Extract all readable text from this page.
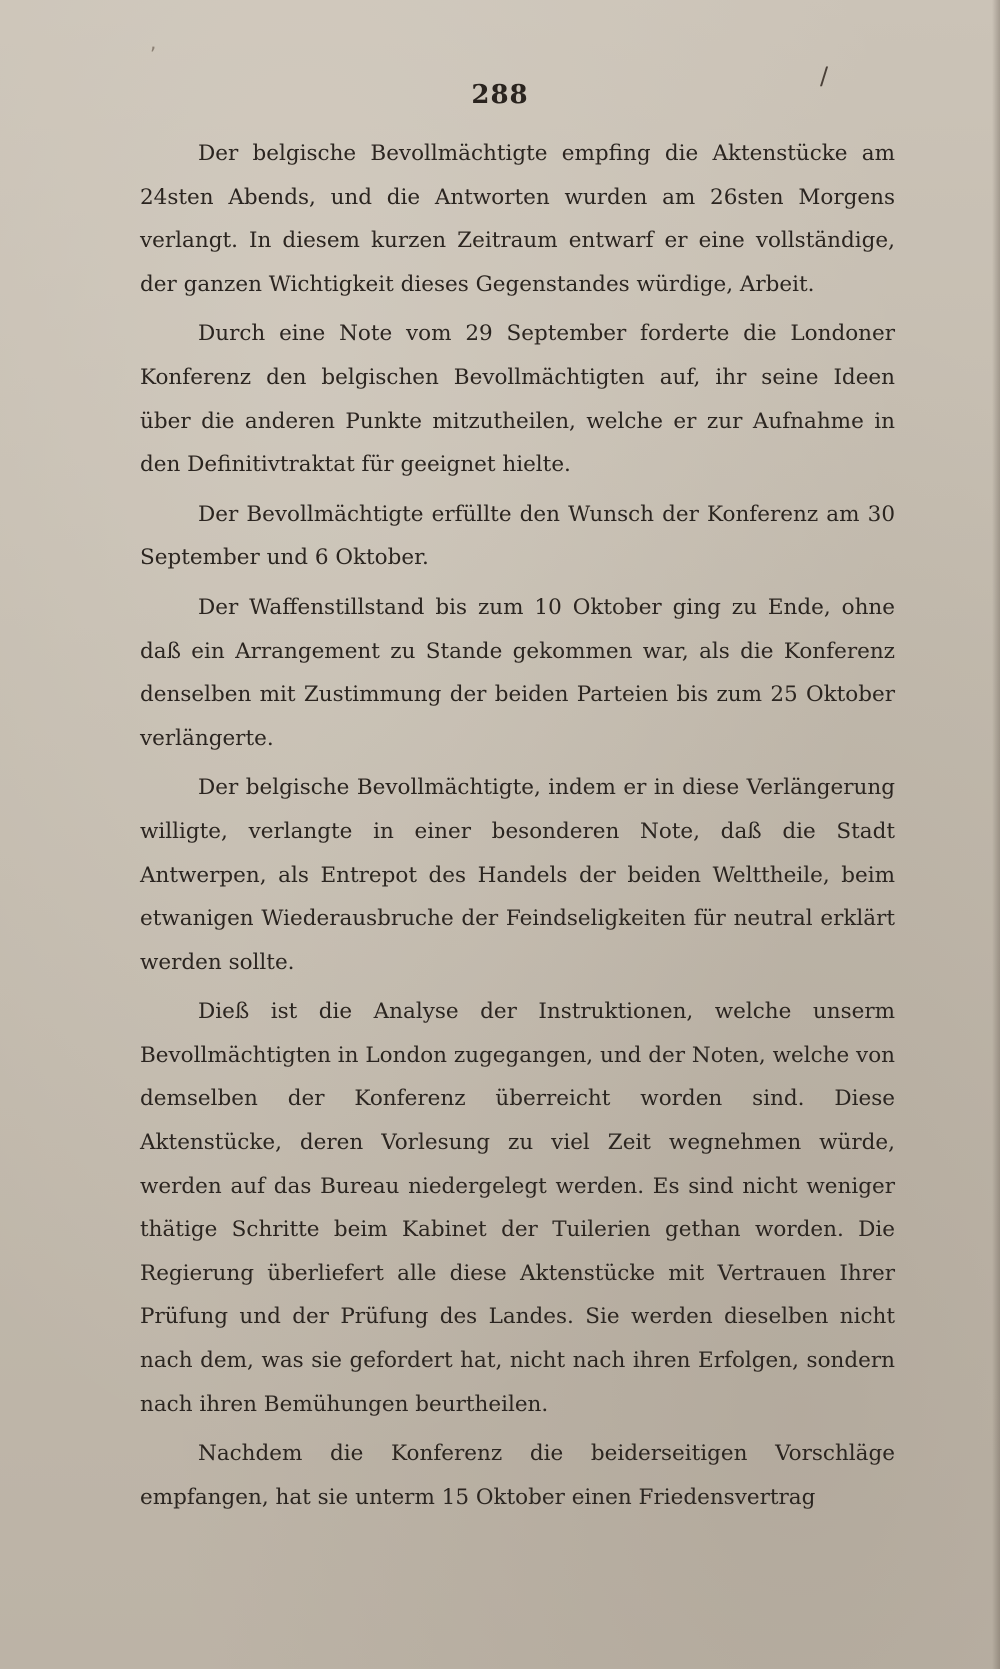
/
,
288

Der belgische Bevollmächtigte empfing die Aktenstücke am 24sten Abends, und die Antworten wurden am 26sten Morgens verlangt. In diesem kurzen Zeitraum entwarf er eine vollständige, der ganzen Wichtigkeit dieses Gegenstandes würdige, Arbeit.

Durch eine Note vom 29 September forderte die Londoner Konferenz den belgischen Bevollmächtigten auf, ihr seine Ideen über die anderen Punkte mitzutheilen, welche er zur Aufnahme in den Definitivtraktat für geeignet hielte.

Der Bevollmächtigte erfüllte den Wunsch der Konferenz am 30 September und 6 Oktober.

Der Waffenstillstand bis zum 10 Oktober ging zu Ende, ohne daß ein Arrangement zu Stande gekommen war, als die Konferenz denselben mit Zustimmung der beiden Parteien bis zum 25 Oktober verlängerte.

Der belgische Bevollmächtigte, indem er in diese Verlängerung willigte, verlangte in einer besonderen Note, daß die Stadt Antwerpen, als Entrepot des Handels der beiden Welttheile, beim etwanigen Wiederausbruche der Feindseligkeiten für neutral erklärt werden sollte.

Dieß ist die Analyse der Instruktionen, welche unserm Bevollmächtigten in London zugegangen, und der Noten, welche von demselben der Konferenz überreicht worden sind. Diese Aktenstücke, deren Vorlesung zu viel Zeit wegnehmen würde, werden auf das Bureau niedergelegt werden. Es sind nicht weniger thätige Schritte beim Kabinet der Tuilerien gethan worden. Die Regierung überliefert alle diese Aktenstücke mit Vertrauen Ihrer Prüfung und der Prüfung des Landes. Sie werden dieselben nicht nach dem, was sie gefordert hat, nicht nach ihren Erfolgen, sondern nach ihren Bemühungen beurtheilen.

Nachdem die Konferenz die beiderseitigen Vorschläge empfangen, hat sie unterm 15 Oktober einen Friedensvertrag
